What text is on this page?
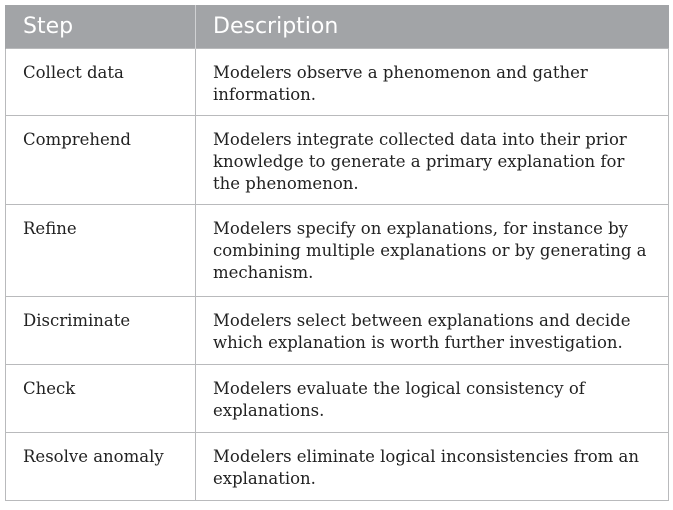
Step	Description
Collect data	Modelers observe a phenomenon and gather information.
Comprehend	Modelers integrate collected data into their prior knowledge to generate a primary explanation for the phenomenon.
Refine	Modelers specify on explanations, for instance by combining multiple explanations or by generating a mechanism.
Discriminate	Modelers select between explanations and decide which explanation is worth further investigation.
Check	Modelers evaluate the logical consistency of explanations.
Resolve anomaly	Modelers eliminate logical inconsistencies from an explanation.
